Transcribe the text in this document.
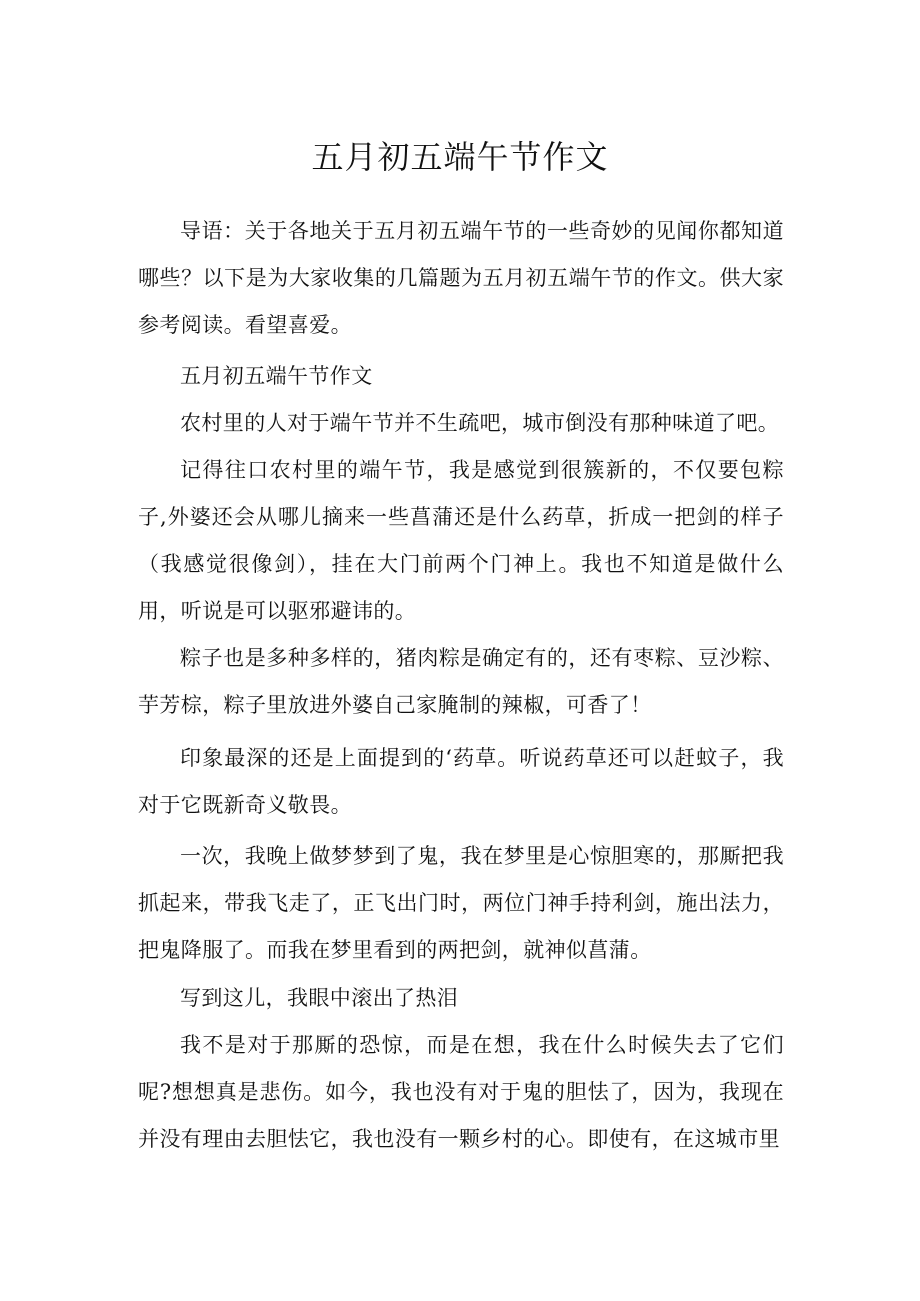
五月初五端午节作文

导语：关于各地关于五月初五端午节的一些奇妙的见闻你都知道哪些？以下是为大家收集的几篇题为五月初五端午节的作文。供大家参考阅读。看望喜爱。

五月初五端午节作文

农村里的人对于端午节并不生疏吧，城市倒没有那种味道了吧。

记得往口农村里的端午节，我是感觉到很簇新的，不仅要包粽子,外婆还会从哪儿摘来一些菖蒲还是什么药草，折成一把剑的样子（我感觉很像剑），挂在大门前两个门神上。我也不知道是做什么用，听说是可以驱邪避讳的。

粽子也是多种多样的，猪肉粽是确定有的，还有枣粽、豆沙粽、芋芳棕，粽子里放进外婆自己家腌制的辣椒，可香了！

印象最深的还是上面提到的‘药草。听说药草还可以赶蚊子，我对于它既新奇义敬畏。

一次，我晚上做梦梦到了鬼，我在梦里是心惊胆寒的，那厮把我抓起来，带我飞走了，正飞出门时，两位门神手持利剑，施出法力，把鬼降服了。而我在梦里看到的两把剑，就神似菖蒲。

写到这儿，我眼中滚出了热泪

我不是对于那厮的恐惊，而是在想，我在什么时候失去了它们呢?想想真是悲伤。如今，我也没有对于鬼的胆怯了，因为，我现在并没有理由去胆怯它，我也没有一颗乡村的心。即使有，在这城市里
